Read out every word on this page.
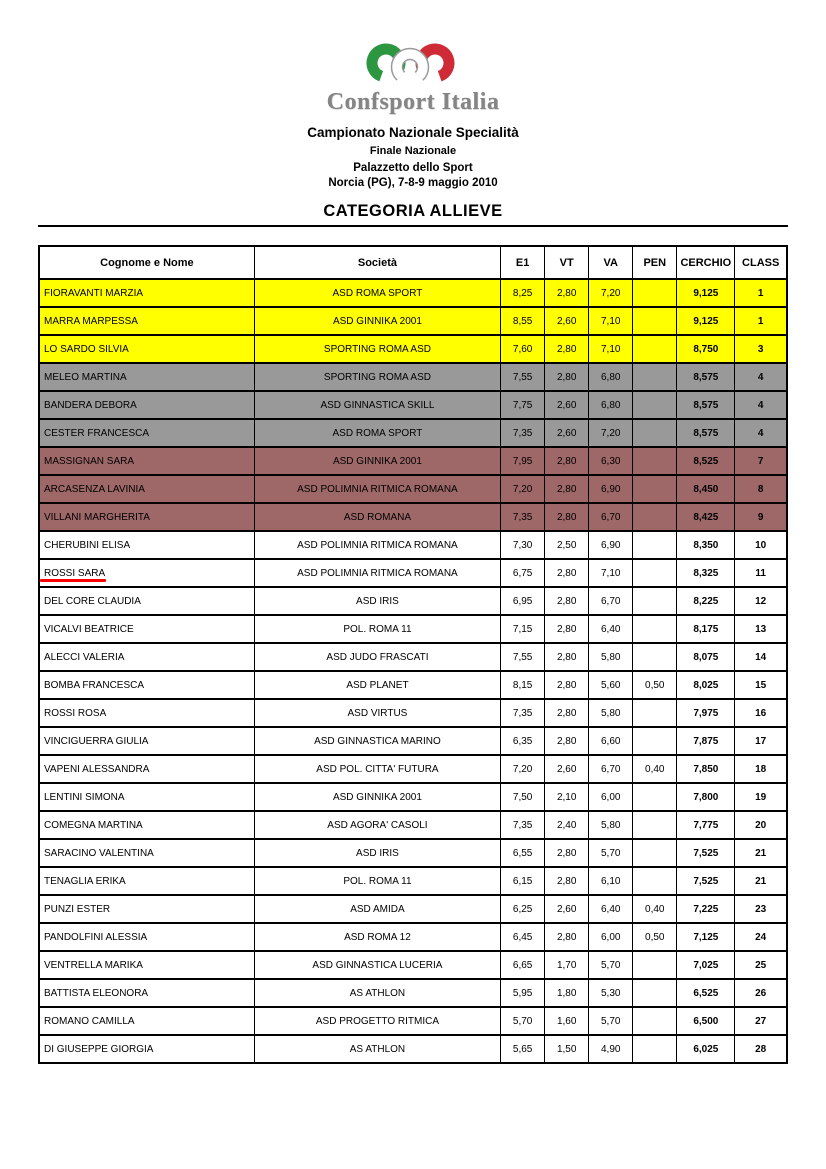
Confsport Italia
Campionato Nazionale Specialità
Finale Nazionale
Palazzetto dello Sport
Norcia (PG), 7-8-9 maggio 2010
CATEGORIA ALLIEVE
Cognome e Nome	Società	E1	VT	VA	PEN	CERCHIO	CLASS
FIORAVANTI MARZIA	ASD ROMA SPORT	8,25	2,80	7,20		9,125	1
MARRA MARPESSA	ASD GINNIKA 2001	8,55	2,60	7,10		9,125	1
LO SARDO SILVIA	SPORTING ROMA ASD	7,60	2,80	7,10		8,750	3
MELEO MARTINA	SPORTING ROMA ASD	7,55	2,80	6,80		8,575	4
BANDERA DEBORA	ASD GINNASTICA SKILL	7,75	2,60	6,80		8,575	4
CESTER FRANCESCA	ASD ROMA SPORT	7,35	2,60	7,20		8,575	4
MASSIGNAN SARA	ASD GINNIKA 2001	7,95	2,80	6,30		8,525	7
ARCASENZA LAVINIA	ASD POLIMNIA RITMICA ROMANA	7,20	2,80	6,90		8,450	8
VILLANI MARGHERITA	ASD ROMANA	7,35	2,80	6,70		8,425	9
CHERUBINI ELISA	ASD POLIMNIA RITMICA ROMANA	7,30	2,50	6,90		8,350	10
ROSSI SARA	ASD POLIMNIA RITMICA ROMANA	6,75	2,80	7,10		8,325	11
DEL CORE CLAUDIA	ASD IRIS	6,95	2,80	6,70		8,225	12
VICALVI BEATRICE	POL. ROMA 11	7,15	2,80	6,40		8,175	13
ALECCI VALERIA	ASD JUDO FRASCATI	7,55	2,80	5,80		8,075	14
BOMBA FRANCESCA	ASD PLANET	8,15	2,80	5,60	0,50	8,025	15
ROSSI ROSA	ASD VIRTUS	7,35	2,80	5,80		7,975	16
VINCIGUERRA GIULIA	ASD GINNASTICA MARINO	6,35	2,80	6,60		7,875	17
VAPENI ALESSANDRA	ASD POL. CITTA' FUTURA	7,20	2,60	6,70	0,40	7,850	18
LENTINI SIMONA	ASD GINNIKA 2001	7,50	2,10	6,00		7,800	19
COMEGNA MARTINA	ASD AGORA' CASOLI	7,35	2,40	5,80		7,775	20
SARACINO VALENTINA	ASD IRIS	6,55	2,80	5,70		7,525	21
TENAGLIA ERIKA	POL. ROMA 11	6,15	2,80	6,10		7,525	21
PUNZI ESTER	ASD AMIDA	6,25	2,60	6,40	0,40	7,225	23
PANDOLFINI ALESSIA	ASD ROMA 12	6,45	2,80	6,00	0,50	7,125	24
VENTRELLA MARIKA	ASD GINNASTICA LUCERIA	6,65	1,70	5,70		7,025	25
BATTISTA ELEONORA	AS ATHLON	5,95	1,80	5,30		6,525	26
ROMANO CAMILLA	ASD PROGETTO RITMICA	5,70	1,60	5,70		6,500	27
DI GIUSEPPE GIORGIA	AS ATHLON	5,65	1,50	4,90		6,025	28
